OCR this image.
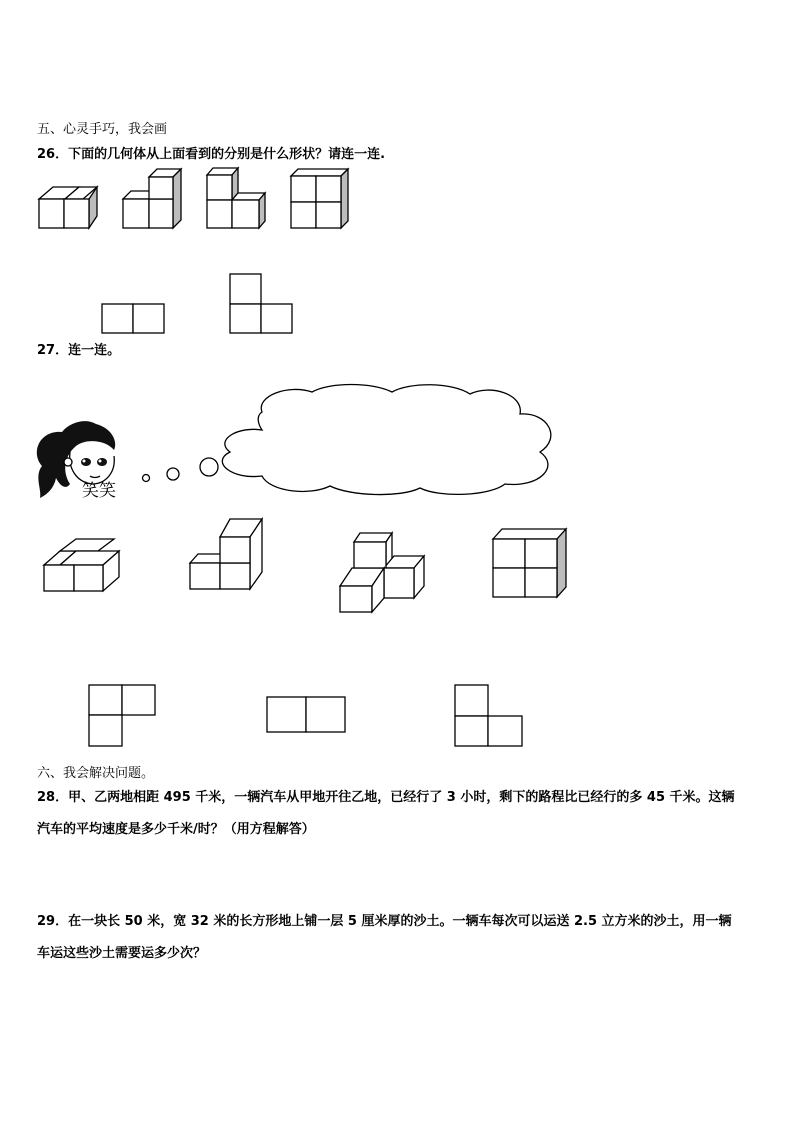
五、心灵手巧，我会画
26．下面的几何体从上面看到的分别是什么形状？请连一连.
27．连一连。
六、我会解决问题。
28．甲、乙两地相距 495 千米，一辆汽车从甲地开往乙地，已经行了 3 小时，剩下的路程比已经行的多 45 千米。这辆
汽车的平均速度是多少千米/时？（用方程解答）
29．在一块长 50 米，宽 32 米的长方形地上铺一层 5 厘米厚的沙土。一辆车每次可以运送 2.5 立方米的沙土，用一辆
车运这些沙土需要运多少次？
笑笑
